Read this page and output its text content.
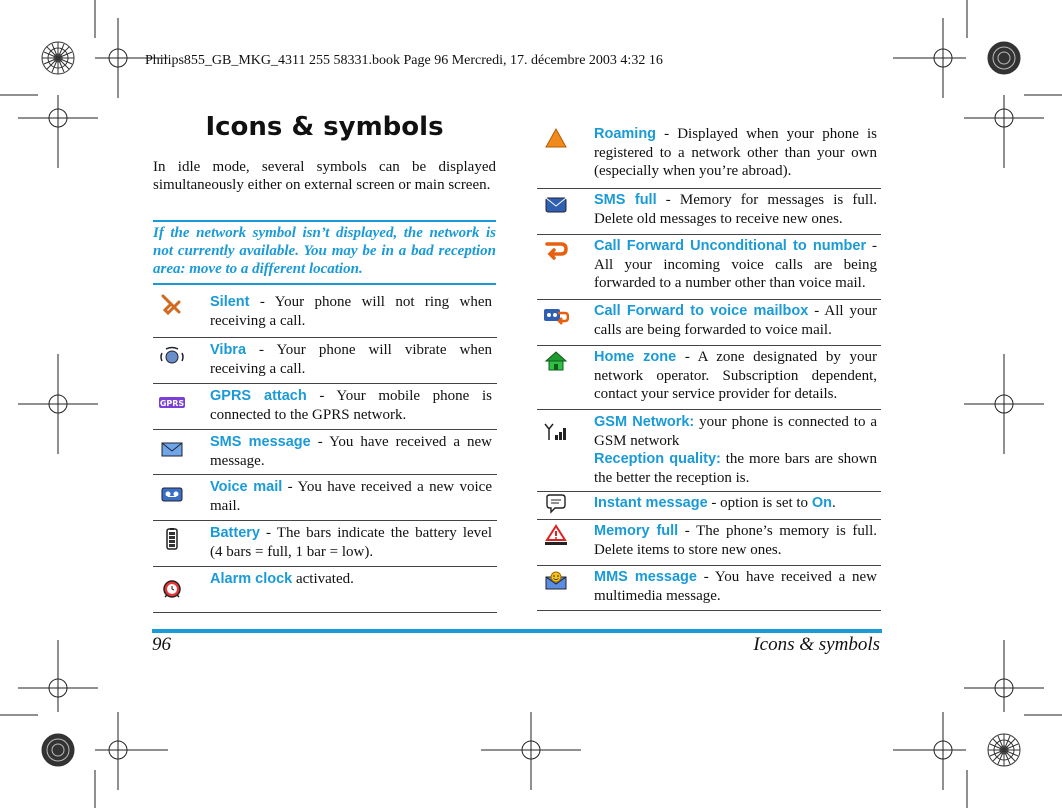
Philips855_GB_MKG_4311 255 58331.book Page 96 Mercredi, 17. décembre 2003 4:32 16
Icons & symbols
In idle mode, several symbols can be displayed simultaneously either on external screen or main screen.
If the network symbol isn’t displayed, the network is not currently available. You may be in a bad reception area: move to a different location.
Silent - Your phone will not ring when receiving a call.
Vibra - Your phone will vibrate when receiving a call.
GPRS GPRS attach - Your mobile phone is connected to the GPRS network.
SMS message - You have received a new message.
Voice mail - You have received a new voice mail.
Battery - The bars indicate the battery level (4 bars = full, 1 bar = low).
Alarm clock activated.
Roaming - Displayed when your phone is registered to a network other than your own (especially when you’re abroad).
SMS full - Memory for messages is full. Delete old messages to receive new ones.
Call Forward Unconditional to number - All your incoming voice calls are being forwarded to a number other than voice mail.
Call Forward to voice mailbox - All your calls are being forwarded to voice mail.
Home zone - A zone designated by your network operator. Subscription dependent, contact your service provider for details.
GSM Network: your phone is connected to a GSM network
Reception quality: the more bars are shown the better the reception is.
Instant message - option is set to On.
Memory full - The phone’s memory is full. Delete items to store new ones.
MMS message - You have received a new multimedia message.
96	Icons & symbols
